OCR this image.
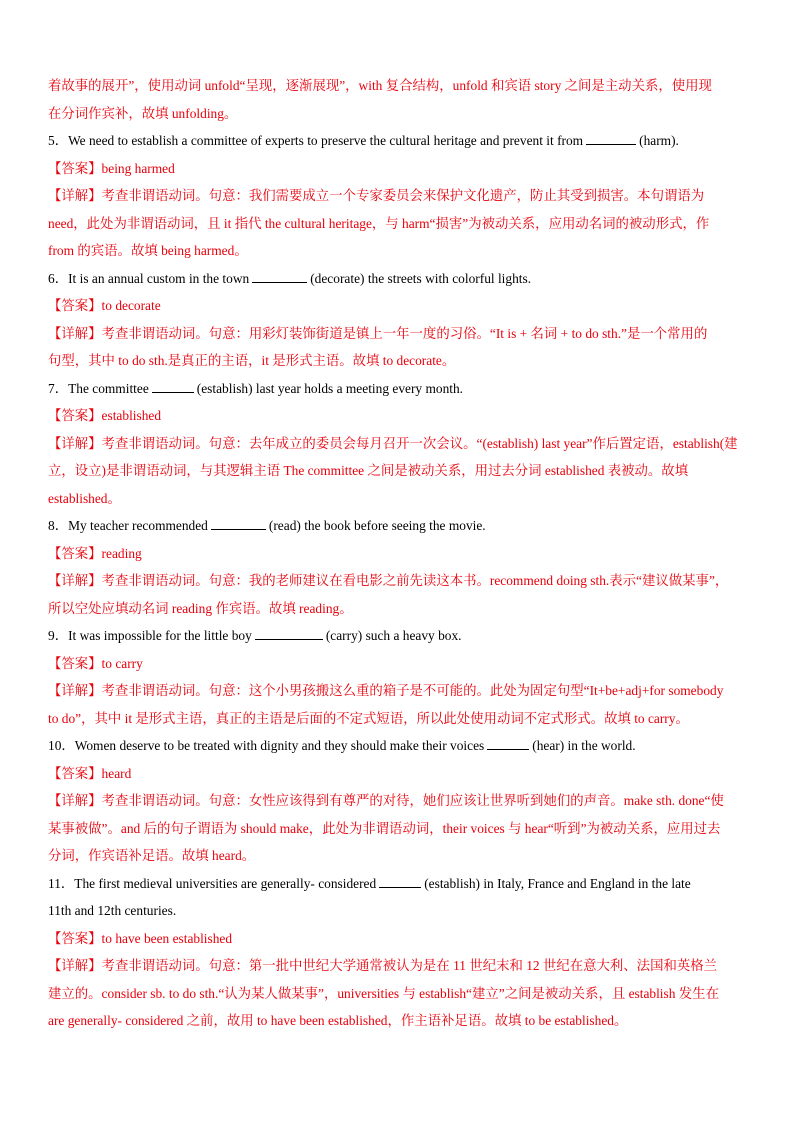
着故事的展开”，使用动词 unfold“呈现，逐渐展现”，with 复合结构，unfold 和宾语 story 之间是主动关系，使用现
在分词作宾补，故填 unfolding。
5．We need to establish a committee of experts to preserve the cultural heritage and prevent it from	(harm).
【答案】being harmed
【详解】考查非谓语动词。句意：我们需要成立一个专家委员会来保护文化遗产，防止其受到损害。本句谓语为
need，此处为非谓语动词，且 it 指代 the cultural heritage，与 harm“损害”为被动关系，应用动名词的被动形式，作
from 的宾语。故填 being harmed。
6．It is an annual custom in the town	(decorate) the streets with colorful lights.
【答案】to decorate
【详解】考查非谓语动词。句意：用彩灯装饰街道是镇上一年一度的习俗。“It is + 名词 + to do sth.”是一个常用的
句型，其中 to do sth.是真正的主语，it 是形式主语。故填 to decorate。
7．The committee	(establish) last year holds a meeting every month.
【答案】established
【详解】考查非谓语动词。句意：去年成立的委员会每月召开一次会议。“(establish) last year”作后置定语，establish(建
立，设立)是非谓语动词，与其逻辑主语 The committee 之间是被动关系，用过去分词 established 表被动。故填
established。
8．My teacher recommended	(read) the book before seeing the movie.
【答案】reading
【详解】考查非谓语动词。句意：我的老师建议在看电影之前先读这本书。recommend doing sth.表示“建议做某事”，
所以空处应填动名词 reading 作宾语。故填 reading。
9．It was impossible for the little boy	(carry) such a heavy box.
【答案】to carry
【详解】考查非谓语动词。句意：这个小男孩搬这么重的箱子是不可能的。此处为固定句型“It+be+adj+for somebody
to do”，其中 it 是形式主语，真正的主语是后面的不定式短语，所以此处使用动词不定式形式。故填 to carry。
10．Women deserve to be treated with dignity and they should make their voices	(hear) in the world.
【答案】heard
【详解】考查非谓语动词。句意：女性应该得到有尊严的对待，她们应该让世界听到她们的声音。make sth. done“使
某事被做”。and 后的句子谓语为 should make，此处为非谓语动词，their voices 与 hear“听到”为被动关系，应用过去
分词，作宾语补足语。故填 heard。
11．The first medieval universities are generally- considered	(establish) in Italy, France and England in the late
11th and 12th centuries.
【答案】to have been established
【详解】考查非谓语动词。句意：第一批中世纪大学通常被认为是在 11 世纪末和 12 世纪在意大利、法国和英格兰
建立的。consider sb. to do sth.“认为某人做某事”，universities 与 establish“建立”之间是被动关系，且 establish 发生在
are generally- considered 之前，故用 to have been established，作主语补足语。故填 to be established。
